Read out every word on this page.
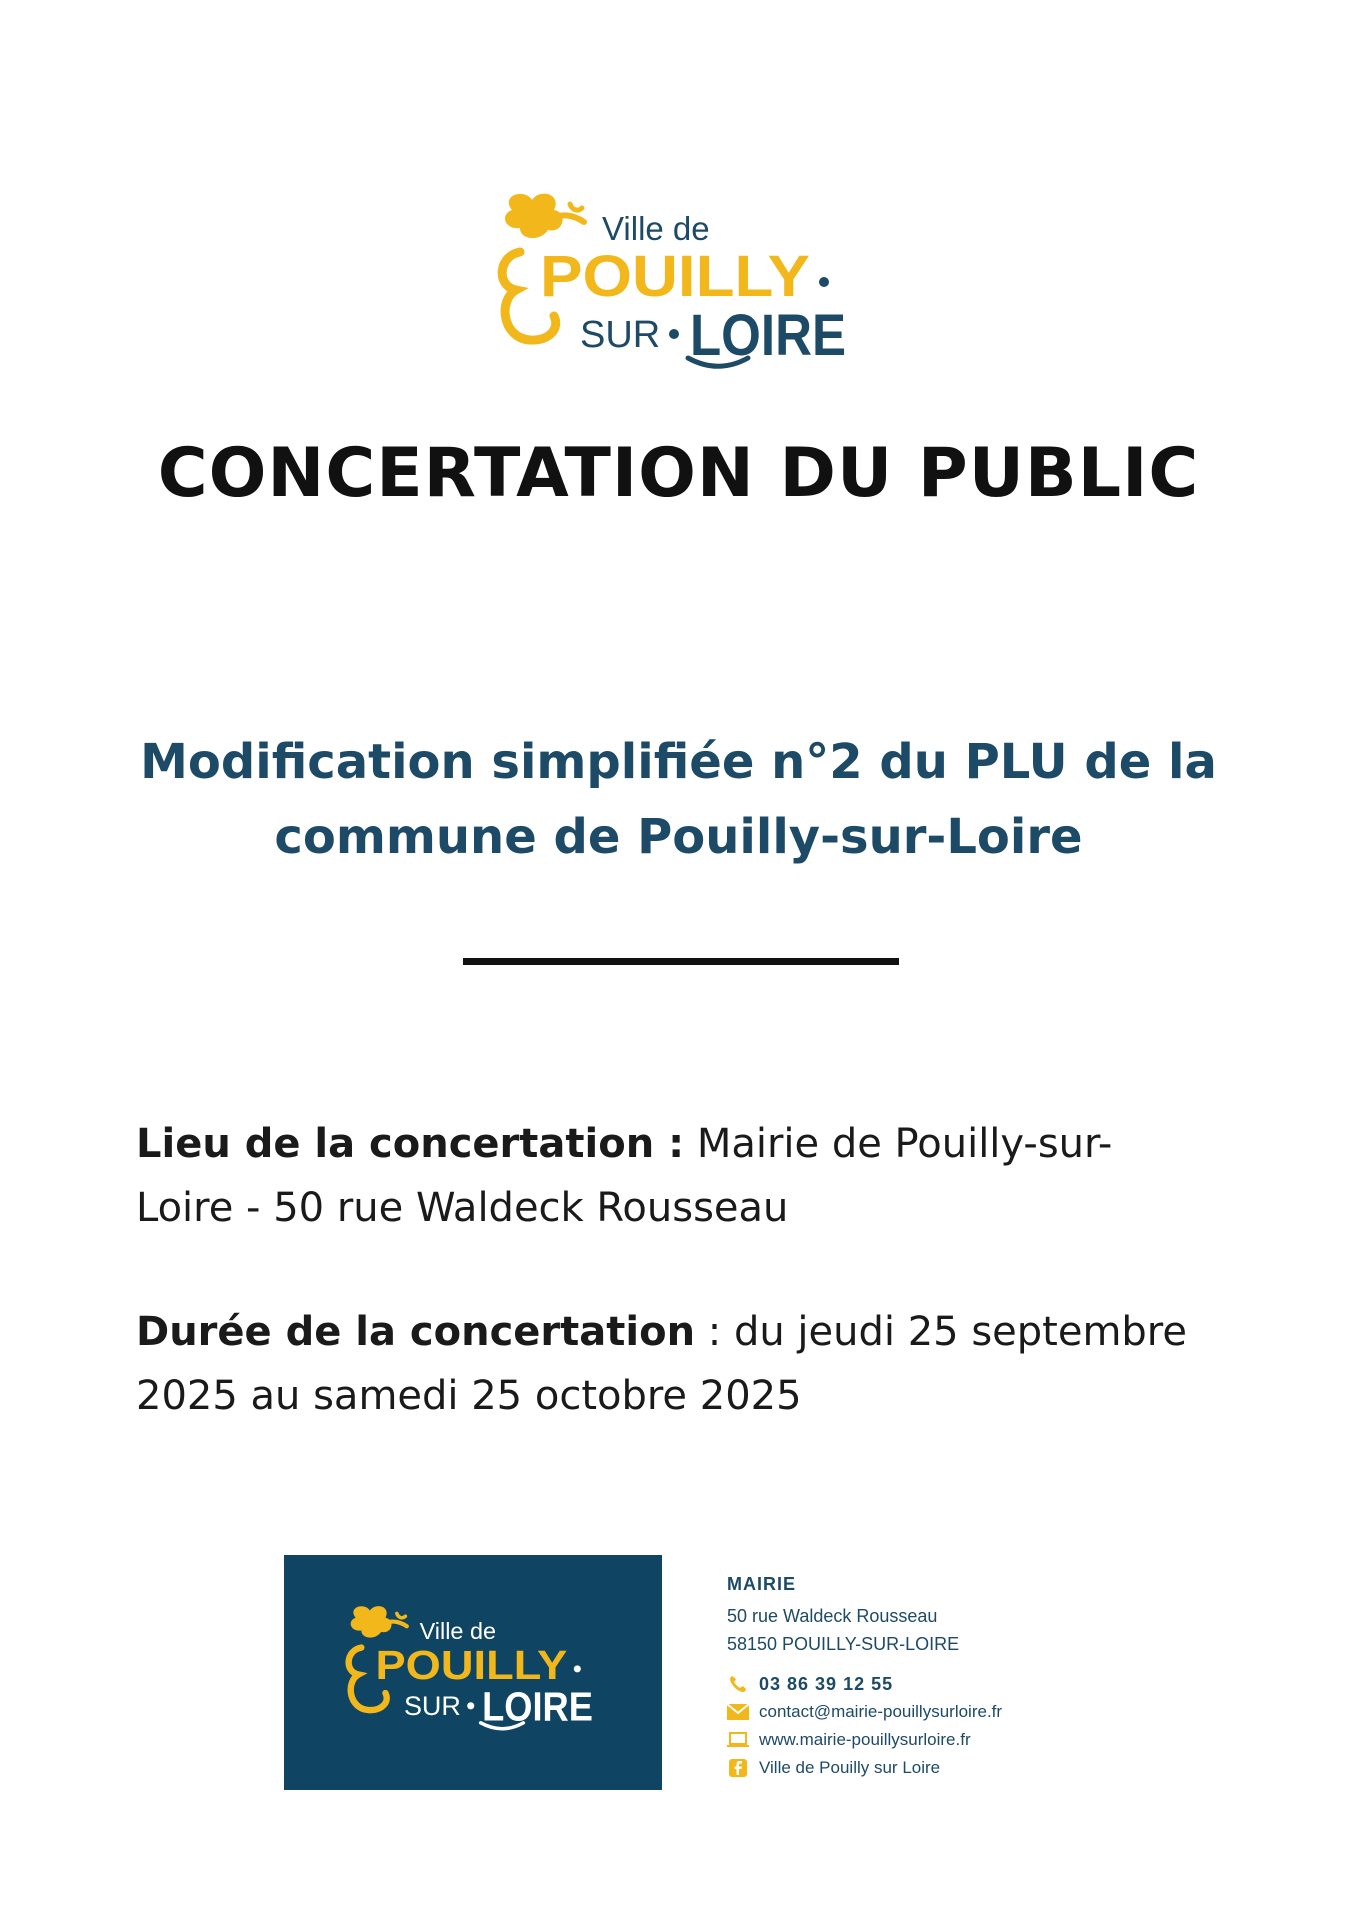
Ville de
POUILLY
SUR LOIRE
CONCERTATION DU PUBLIC
Modification simplifiée n°2 du PLU de la
commune de Pouilly-sur-Loire
Lieu de la concertation : Mairie de Pouilly-sur-
Loire - 50 rue Waldeck Rousseau
Durée de la concertation : du jeudi 25 septembre
2025 au samedi 25 octobre 2025
Ville de
POUILLY
SUR LOIRE
MAIRIE
50 rue Waldeck Rousseau
58150 POUILLY-SUR-LOIRE
03 86 39 12 55
contact@mairie-pouillysurloire.fr
www.mairie-pouillysurloire.fr
Ville de Pouilly sur Loire
